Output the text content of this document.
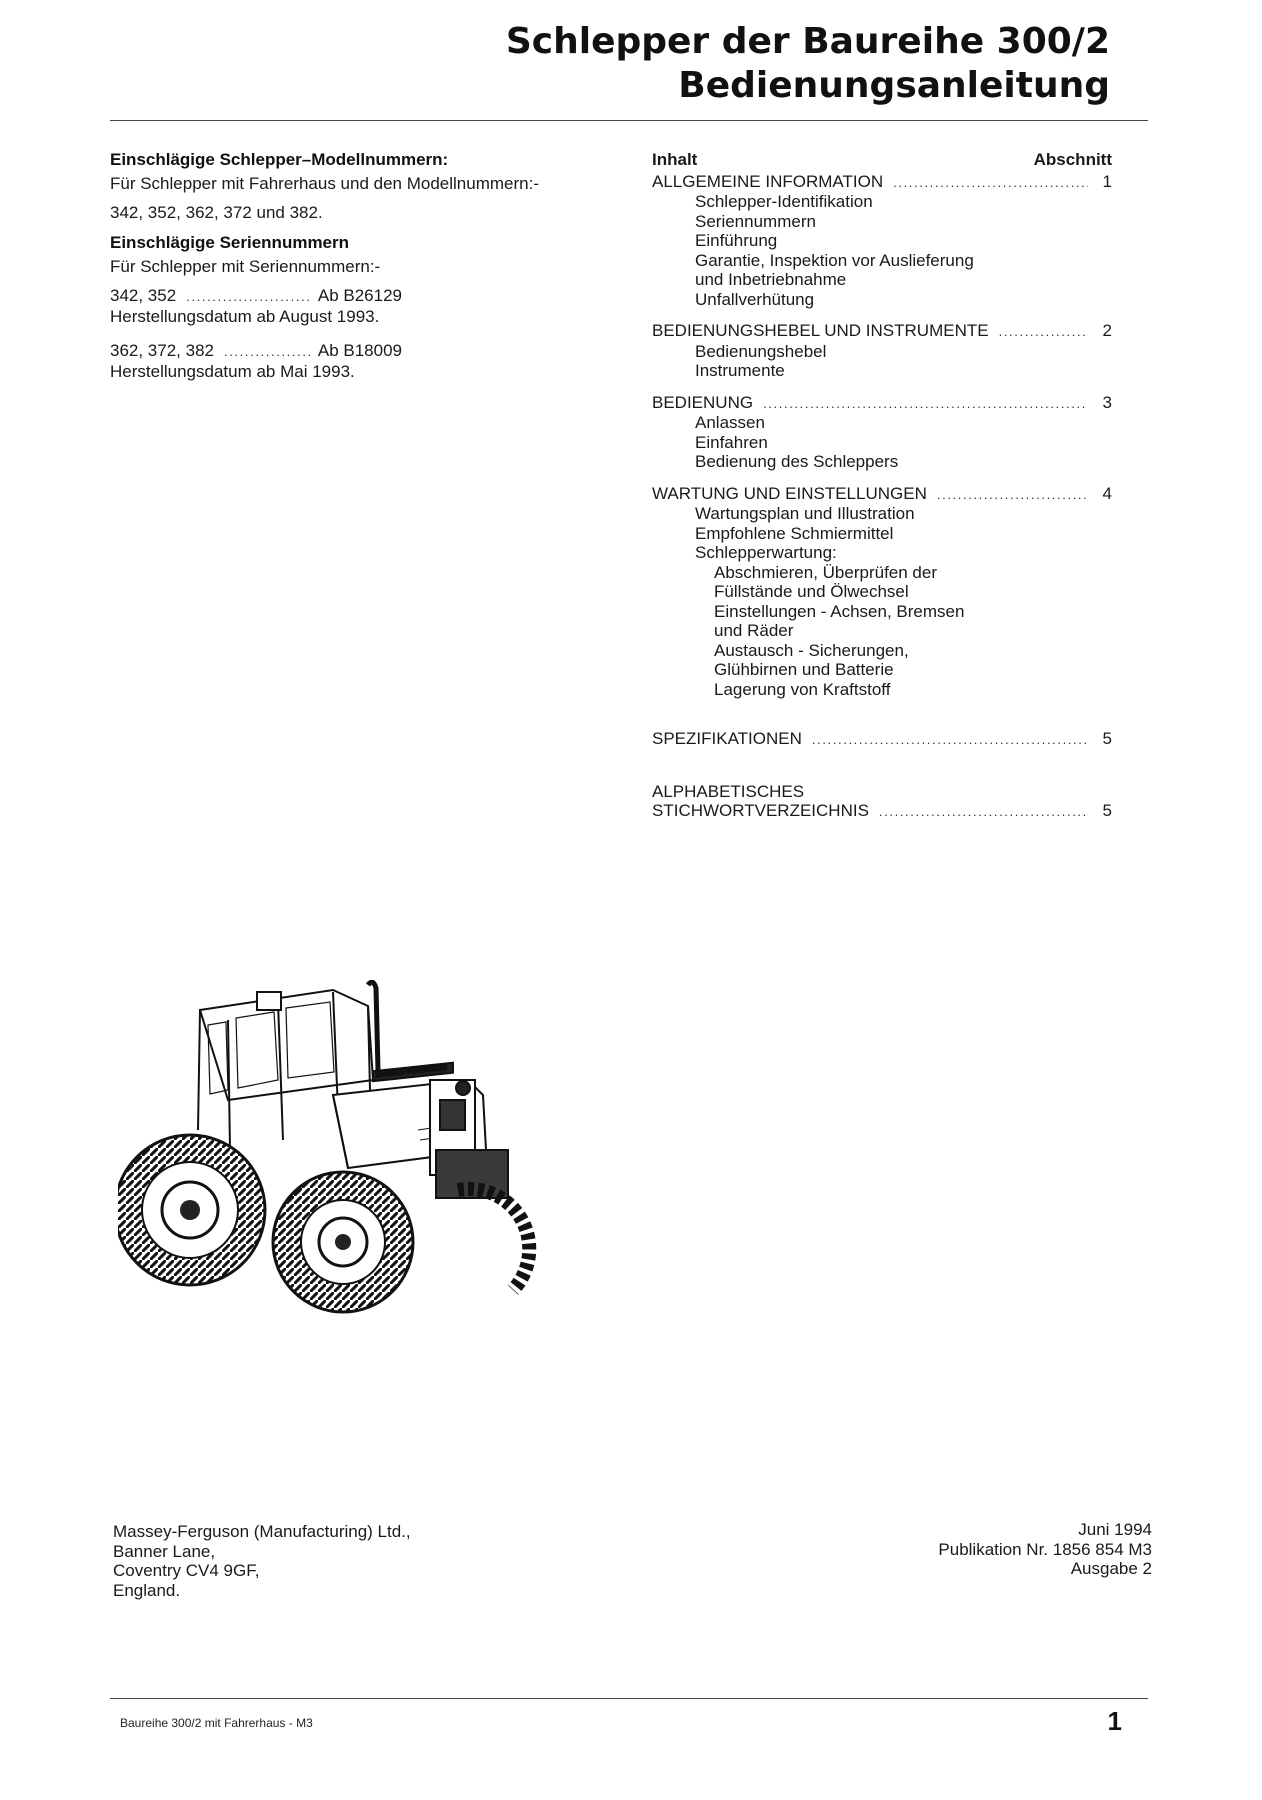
Schlepper der Baureihe 300/2
Bedienungsanleitung

Einschlägige Schlepper–Modellnummern:

Für Schlepper mit Fahrerhaus und den Modellnummern:-

342, 352, 362, 372 und 382.

Einschlägige Seriennummern

Für Schlepper mit Seriennummern:-

342, 352 . . .	Ab B26129

Herstellungsdatum ab August 1993.

362, 372, 382 . . .	Ab B18009

Herstellungsdatum ab Mai 1993.

Inhalt	Abschnitt
ALLGEMEINE INFORMATION . . .	1
Schlepper-Identifikation
Seriennummern
Einführung
Garantie, Inspektion vor Auslieferung
und Inbetriebnahme
Unfallverhütung
BEDIENUNGSHEBEL UND INSTRUMENTE . . .	2
Bedienungshebel
Instrumente
BEDIENUNG . . .	3
Anlassen
Einfahren
Bedienung des Schleppers
WARTUNG UND EINSTELLUNGEN . . .	4
Wartungsplan und Illustration
Empfohlene Schmiermittel
Schlepperwartung:
Abschmieren, Überprüfen der
Füllstände und Ölwechsel
Einstellungen - Achsen, Bremsen
und Räder
Austausch - Sicherungen,
Glühbirnen und Batterie
Lagerung von Kraftstoff
SPEZIFIKATIONEN . . .	5
ALPHABETISCHES
STICHWORTVERZEICHNIS . . .	5
MASSEY-FERGUSON
Massey-Ferguson (Manufacturing) Ltd.,
Banner Lane,
Coventry CV4 9GF,
England.
Juni 1994
Publikation Nr. 1856 854 M3
Ausgabe 2
Baureihe 300/2 mit Fahrerhaus - M3	1
